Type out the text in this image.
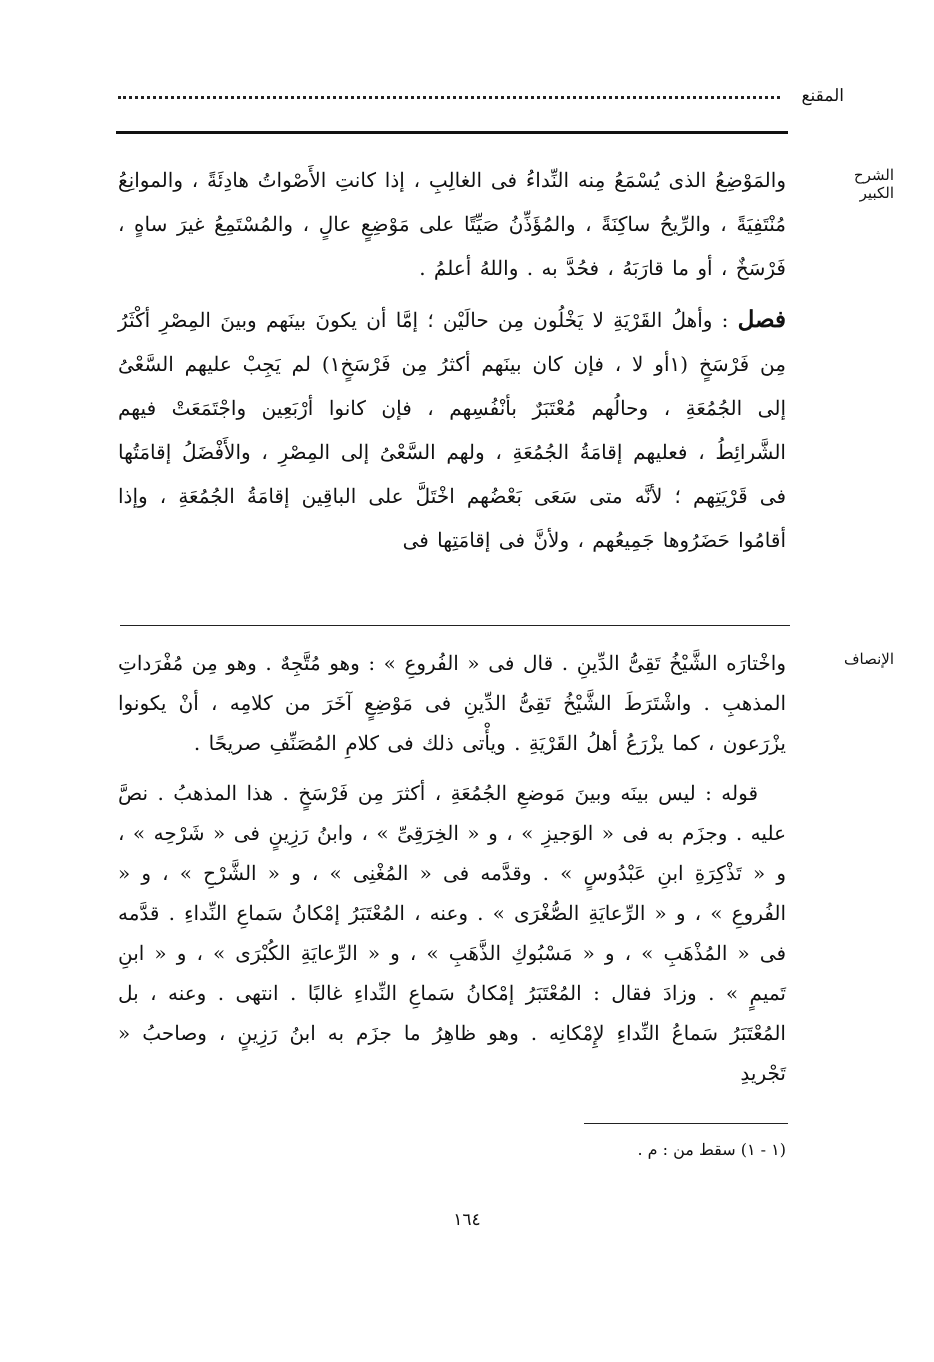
المقنع
الشرح الكبير

والمَوْضِعُ الذى يُسْمَعُ مِنه النِّداءُ فى الغالِبِ ، إذا كانتِ الأَصْواتُ هادِئَةً ، والموانِعُ مُنْتَفِيَةً ، والرِّيحُ ساكِنَةً ، والمُؤَذِّنُ صَيِّتًا على مَوْضِعٍ عالٍ ، والمُسْتَمِعُ غيرَ ساهٍ ، فَرْسَخٌ ، أو ما قارَبَهُ ، فحُدَّ به . واللهُ أعلمُ .

فصل : وأهلُ القَرْيَةِ لا يَخْلُون مِن حالَيْن ؛ إمَّا أن يكونَ بينَهم وبينَ المِصْرِ أكْثَرُ مِن فَرْسَخٍ (١أو لا ، فإن كان بينَهم أكثرُ مِن فَرْسَخٍ١) لم يَجِبْ عليهم السَّعْىُ إلى الجُمُعَةِ ، وحالُهم مُعْتَبَرٌ بأنْفُسِهم ، فإن كانوا أرْبَعِين واجْتَمَعَتْ فيهم الشَّرائِطُ ، فعليهم إقامَةُ الجُمُعَةِ ، ولهم السَّعْىُ إلى المِصْرِ ، والأَفْضَلُ إقامَتُها فى قَرْيَتِهم ؛ لأنَّه متى سَعَى بَعْضُهم اخْتَلَّ على الباقِين إقامَةُ الجُمُعَةِ ، وإذا أقامُوا حَضَرُوها جَمِيعُهم ، ولأنَّ فى إقامَتِها فى

الإنصاف

واخْتارَه الشَّيْخُ تَقِىُّ الدِّينِ . قال فى « الفُروعِ » : وهو مُتَّجِهٌ . وهو مِن مُفْرَداتِ المذهبِ . واشْتَرَطَ الشَّيْخُ تَقِىُّ الدِّينِ فى مَوْضِعٍ آخَرَ من كلامِه ، أنْ يكونوا يزْرَعون ، كما يزْرَعُ أهلُ القَرْيَةِ . ويأْتى ذلك فى كلامِ المُصَنِّفِ صريحًا .

قوله : ليس بينَه وبينَ مَوضعِ الجُمُعَةِ ، أكثرَ مِن فَرْسَخٍ . هذا المذهبُ . نصَّ عليه . وجزَم به فى « الوَجيزِ » ، و « الخِرَقِىِّ » ، وابنُ رَزِينٍ فى « شَرْحِه » ، و « تَذْكِرَةِ ابنِ عَبْدُوسٍ » . وقدَّمه فى « المُغْنِى » ، و « الشَّرْحِ » ، و « الفُروعِ » ، و « الرِّعايَةِ الصُّغْرَى » . وعنه ، المُعْتَبَرُ إمْكانُ سَماعِ النِّداءِ . قدَّمه فى « المُذْهَبِ » ، و « مَسْبُوكِ الذَّهَبِ » ، و « الرِّعايَةِ الكُبْرَى » ، و « ابنِ تَميمٍ » . وزادَ فقال : المُعْتَبَرُ إمْكانُ سَماعِ النِّداءِ غالبًا . انتهى . وعنه ، بل المُعْتَبَرُ سَماعُ النِّداءِ لإِمْكانِه . وهو ظاهِرُ ما جزَم به ابنُ رَزِينٍ ، وصاحبُ « تَجْريدِ

(١ - ١) سقط من : م .
١٦٤
